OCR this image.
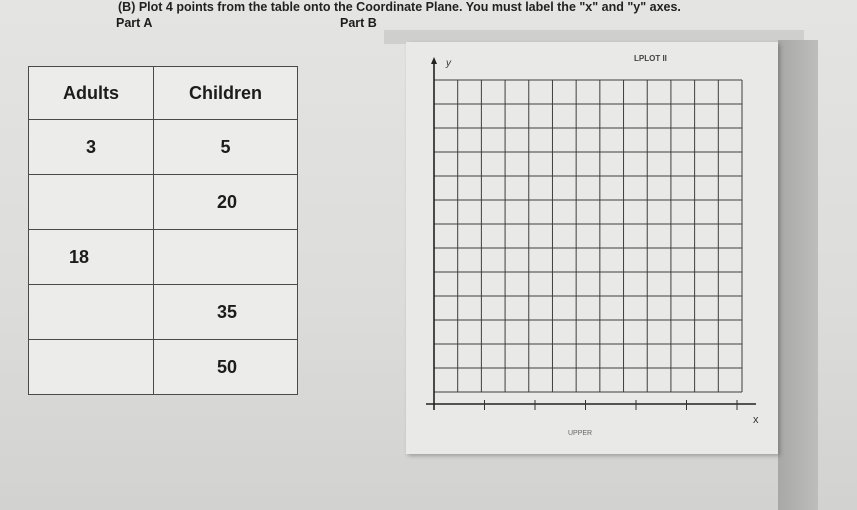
(B) Plot 4 points from the table onto the Coordinate Plane. You must label the "x" and "y" axes.
Part A	Part B
Adults	Children
3	5
	20
18	
	35
	50
y
x
LPLOT II
UPPER
